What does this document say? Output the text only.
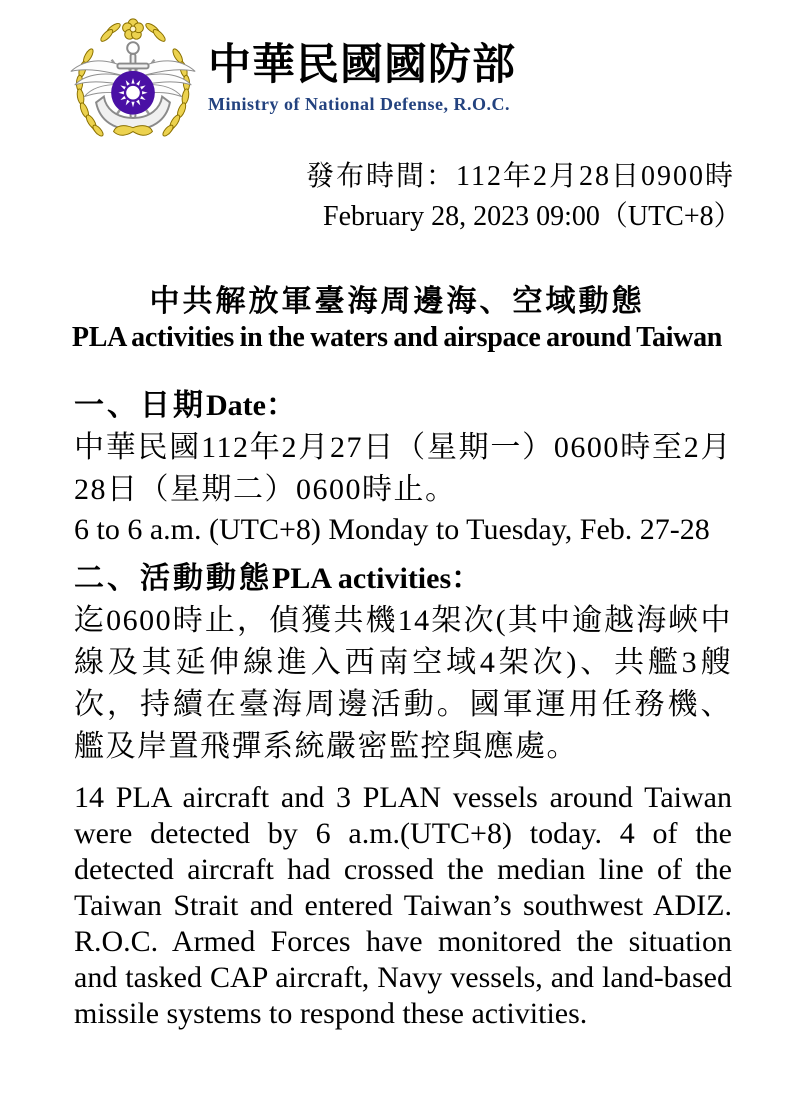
中華民國國防部
Ministry of National Defense, R.O.C.
發布時間：112年2月28日0900時
February 28, 2023 09:00（UTC+8）
中共解放軍臺海周邊海、空域動態
PLA activities in the waters and airspace around Taiwan
一、日期Date：

中華民國112年2月27日（星期一）0600時至2月28日（星期二）0600時止。

6 to 6 a.m. (UTC+8) Monday to Tuesday, Feb. 27-28

二、活動動態PLA activities：

迄0600時止，偵獲共機14架次(其中逾越海峽中線及其延伸線進入西南空域4架次)、共艦3艘次，持續在臺海周邊活動。國軍運用任務機、艦及岸置飛彈系統嚴密監控與應處。

14 PLA aircraft and 3 PLAN vessels around Taiwan were detected by 6 a.m.(UTC+8) today. 4 of the detected aircraft had crossed the median line of the Taiwan Strait and entered Taiwan’s southwest ADIZ. R.O.C. Armed Forces have monitored the situation and tasked CAP aircraft, Navy vessels, and land-based missile systems to respond these activities.
